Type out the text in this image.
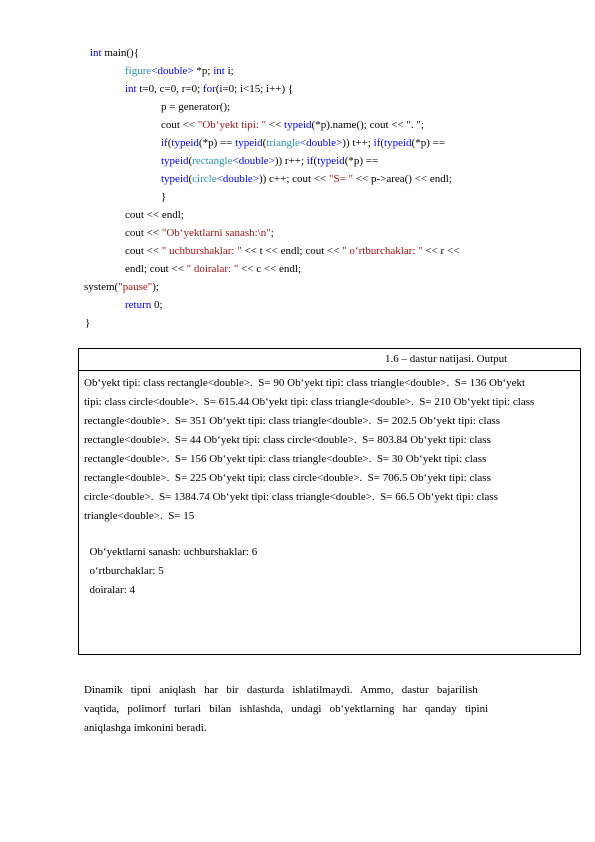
int main(){
figure<double> *p; int i;
int t=0, c=0, r=0; for(i=0; i<15; i++) {
p = generator();
cout << "Ob‘yekt tipi: " << typeid(*p).name(); cout << ". ";
if(typeid(*p) == typeid(triangle<double>)) t++; if(typeid(*p) ==
typeid(rectangle<double>)) r++; if(typeid(*p) ==
typeid(circle<double>)) c++; cout << "S= " << p->area() << endl;
}
cout << endl;
cout << "Ob‘yektlarni sanash:\n";
cout << " uchburshaklar: " << t << endl; cout << " o‘rtburchaklar: " << r <<
endl; cout << " doiralar: " << c << endl;
system("pause");
return 0;
}
1.6 – dastur natijasi. Output
Ob‘yekt tipi: class rectangle<double>.  S= 90 Ob‘yekt tipi: class triangle<double>.  S= 136 Ob‘yekt
tipi: class circle<double>.  S= 615.44 Ob‘yekt tipi: class triangle<double>.  S= 210 Ob‘yekt tipi: class
rectangle<double>.  S= 351 Ob‘yekt tipi: class triangle<double>.  S= 202.5 Ob‘yekt tipi: class
rectangle<double>.  S= 44 Ob‘yekt tipi: class circle<double>.  S= 803.84 Ob‘yekt tipi: class
rectangle<double>.  S= 156 Ob‘yekt tipi: class triangle<double>.  S= 30 Ob‘yekt tipi: class
rectangle<double>.  S= 225 Ob‘yekt tipi: class circle<double>.  S= 706.5 Ob‘yekt tipi: class
circle<double>.  S= 1384.74 Ob‘yekt tipi: class triangle<double>.  S= 66.5 Ob‘yekt tipi: class
triangle<double>.  S= 15
Ob‘yektlarni sanash: uchburshaklar: 6
o‘rtburchaklar: 5
doiralar: 4
Dinamik   tipni   aniqlash   har   bir   dasturda   ishlatilmaydi.   Ammo,   dastur   bajarilish
vaqtida,   polimorf   turlari   bilan   ishlashda,   undagi   ob‘yektlarning   har   qanday   tipini
aniqlashga imkonini beradi.
